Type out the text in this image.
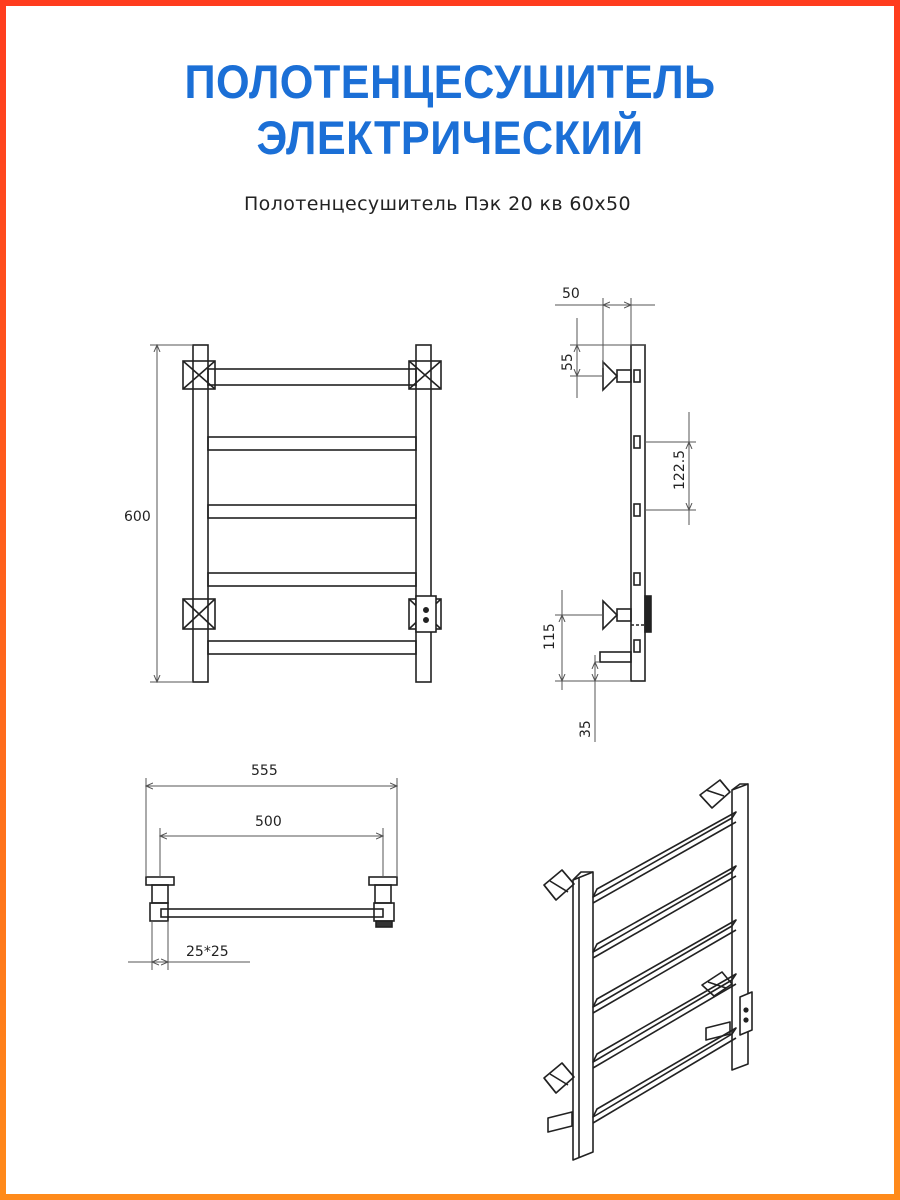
ПОЛОТЕНЦЕСУШИТЕЛЬ
ЭЛЕКТРИЧЕСКИЙ
Полотенцесушитель Пэк 20 кв 60х50
600
50
55
122.5
115
35
555
500
25*25
